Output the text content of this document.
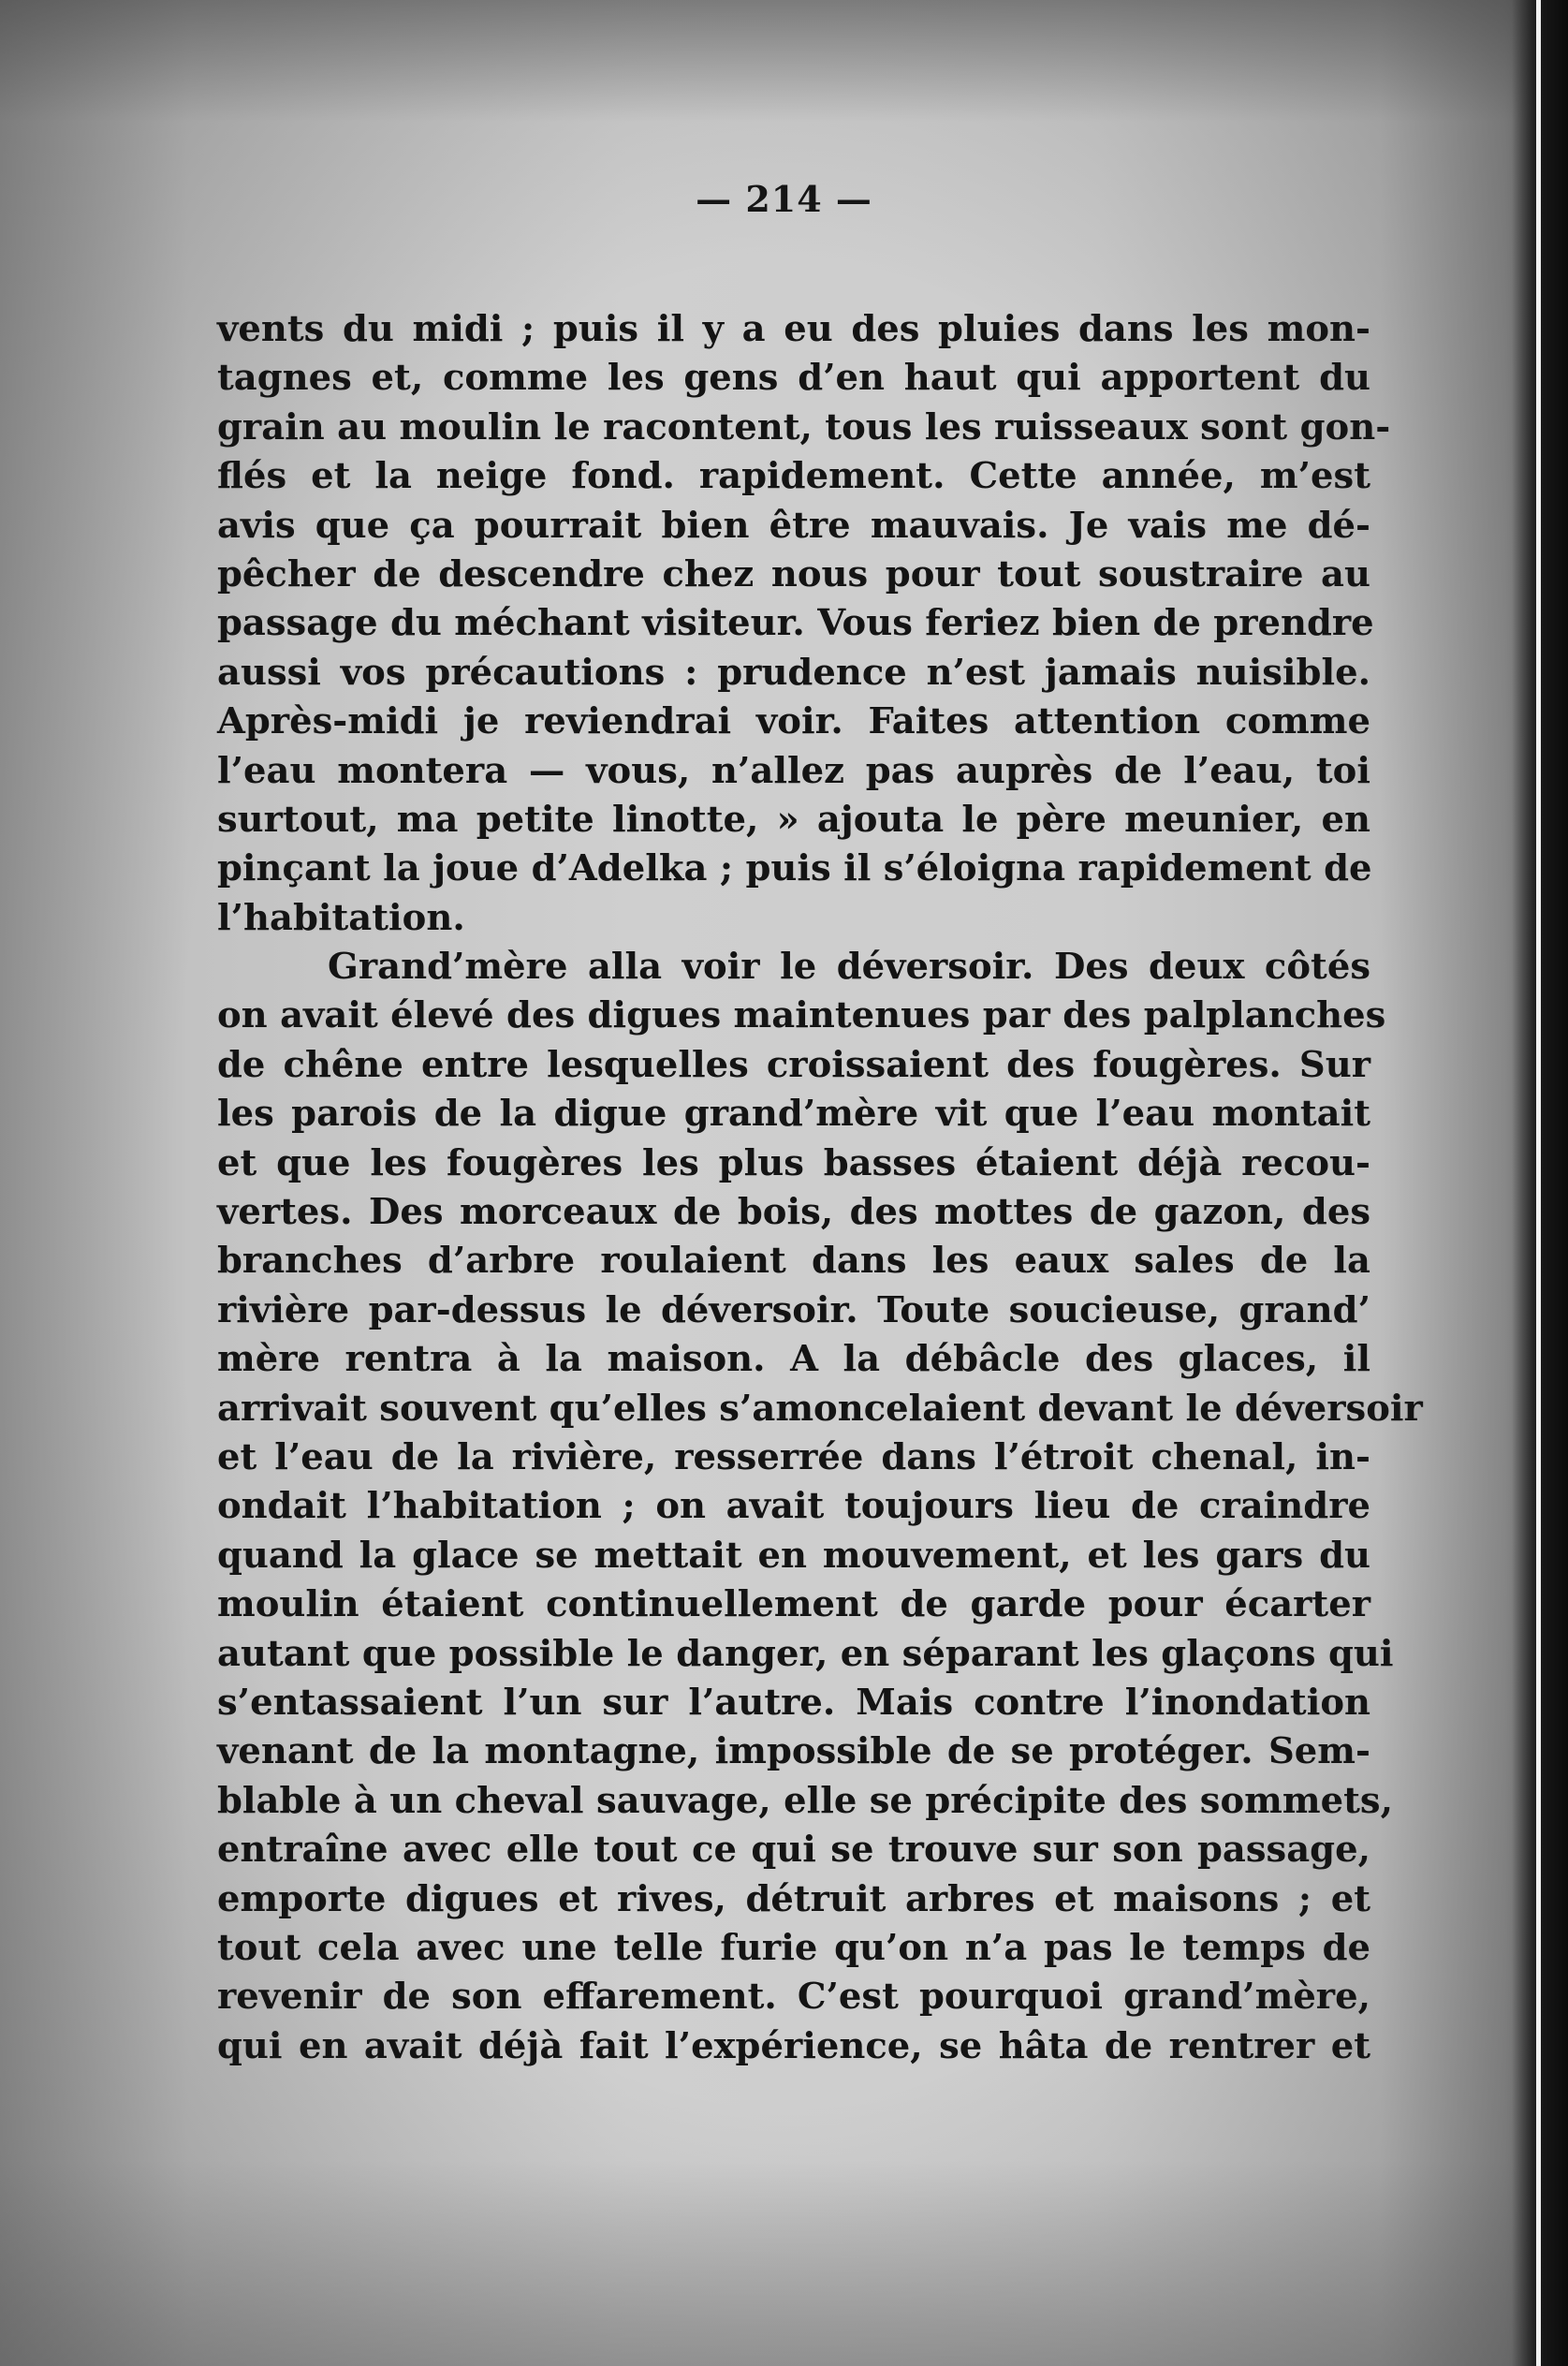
— 214 —
vents du midi ; puis il y a eu des pluies dans les mon-
tagnes et, comme les gens d’en haut qui apportent du
grain au moulin le racontent, tous les ruisseaux sont gon-
flés et la neige fond. rapidement. Cette année, m’est
avis que ça pourrait bien être mauvais. Je vais me dé-
pêcher de descendre chez nous pour tout soustraire au
passage du méchant visiteur. Vous feriez bien de prendre
aussi vos précautions : prudence n’est jamais nuisible.
Après-midi je reviendrai voir. Faites attention comme
l’eau montera — vous, n’allez pas auprès de l’eau, toi
surtout, ma petite linotte, » ajouta le père meunier, en
pinçant la joue d’Adelka ; puis il s’éloigna rapidement de
l’habitation.
Grand’mère alla voir le déversoir. Des deux côtés
on avait élevé des digues maintenues par des palplanches
de chêne entre lesquelles croissaient des fougères. Sur
les parois de la digue grand’mère vit que l’eau montait
et que les fougères les plus basses étaient déjà recou-
vertes. Des morceaux de bois, des mottes de gazon, des
branches d’arbre roulaient dans les eaux sales de la
rivière par-dessus le déversoir. Toute soucieuse, grand’
mère rentra à la maison. A la débâcle des glaces, il
arrivait souvent qu’elles s’amoncelaient devant le déversoir
et l’eau de la rivière, resserrée dans l’étroit chenal, in-
ondait l’habitation ; on avait toujours lieu de craindre
quand la glace se mettait en mouvement, et les gars du
moulin étaient continuellement de garde pour écarter
autant que possible le danger, en séparant les glaçons qui
s’entassaient l’un sur l’autre. Mais contre l’inondation
venant de la montagne, impossible de se protéger. Sem-
blable à un cheval sauvage, elle se précipite des sommets,
entraîne avec elle tout ce qui se trouve sur son passage,
emporte digues et rives, détruit arbres et maisons ; et
tout cela avec une telle furie qu’on n’a pas le temps de
revenir de son effarement. C’est pourquoi grand’mère,
qui en avait déjà fait l’expérience, se hâta de rentrer et
